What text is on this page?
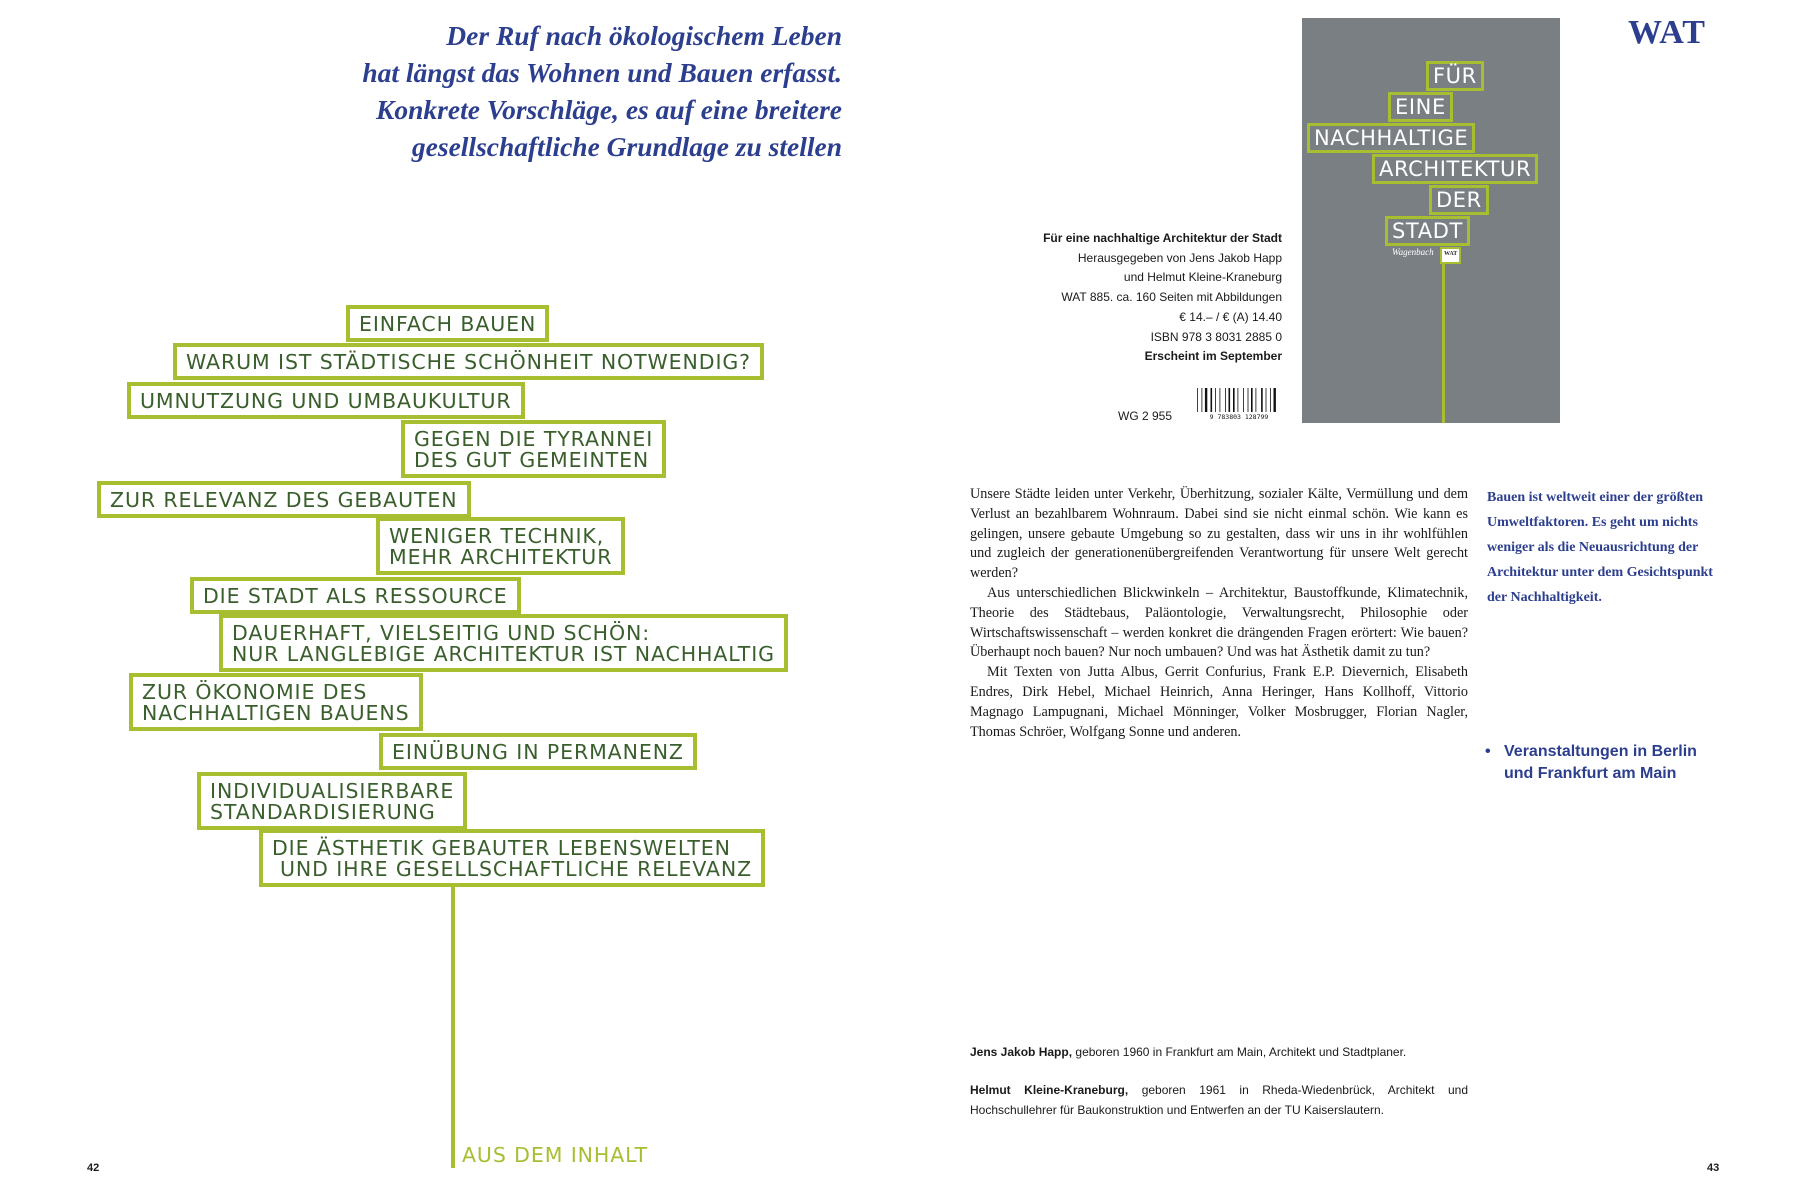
Der Ruf nach ökologischem Leben
hat längst das Wohnen und Bauen erfasst.
Konkrete Vorschläge, es auf eine breitere
gesellschaftliche Grundlage zu stellen
EINFACH BAUEN
WARUM IST STÄDTISCHE SCHÖNHEIT NOTWENDIG?
UMNUTZUNG UND UMBAUKULTUR
GEGEN DIE TYRANNEI
DES GUT GEMEINTEN
ZUR RELEVANZ DES GEBAUTEN
WENIGER TECHNIK,
MEHR ARCHITEKTUR
DIE STADT ALS RESSOURCE
DAUERHAFT, VIELSEITIG UND SCHÖN:
NUR LANGLEBIGE ARCHITEKTUR IST NACHHALTIG
ZUR ÖKONOMIE DES
NACHHALTIGEN BAUENS
EINÜBUNG IN PERMANENZ
INDIVIDUALISIERBARE
STANDARDISIERUNG
DIE ÄSTHETIK GEBAUTER LEBENSWELTEN
UND IHRE GESELLSCHAFTLICHE RELEVANZ
AUS DEM INHALT
42
FÜR
EINE
NACHHALTIGE
ARCHITEKTUR
DER
STADT
Wagenbach	WAT
WAT
Für eine nachhaltige Architektur der Stadt
Herausgegeben von Jens Jakob Happ
und Helmut Kleine-Kraneburg
WAT 885. ca. 160 Seiten mit Abbildungen
€ 14.– / € (A) 14.40
ISBN 978 3 8031 2885 0
Erscheint im September
WG 2 955	9 783803 128799

Unsere Städte leiden unter Verkehr, Überhitzung, sozialer Kälte, Vermüllung und dem Verlust an bezahlbarem Wohnraum. Dabei sind sie nicht einmal schön. Wie kann es gelingen, unsere gebaute Umgebung so zu gestalten, dass wir uns in ihr wohlfühlen und zugleich der generationenübergreifenden Verantwortung für unsere Welt gerecht werden?

Aus unterschiedlichen Blickwinkeln – Architektur, Baustoffkunde, Klimatechnik, Theorie des Städtebaus, Paläontologie, Verwaltungsrecht, Philosophie oder Wirtschaftswissenschaft – werden konkret die drängenden Fragen erörtert: Wie bauen? Überhaupt noch bauen? Nur noch umbauen? Und was hat Ästhetik damit zu tun?

Mit Texten von Jutta Albus, Gerrit Confurius, Frank E.P. Dievernich, Elisabeth Endres, Dirk Hebel, Michael Heinrich, Anna Heringer, Hans Kollhoff, Vittorio Magnago Lampugnani, Michael Mönninger, Volker Mosbrugger, Florian Nagler, Thomas Schröer, Wolfgang Sonne und anderen.

Bauen ist weltweit einer der größten Umweltfaktoren. Es geht um nichts weniger als die Neuausrichtung der Architektur unter dem Gesichtspunkt der Nachhaltigkeit.
• Veranstaltungen in Berlin
und Frankfurt am Main

Jens Jakob Happ, geboren 1960 in Frankfurt am Main, Architekt und Stadtplaner.

Helmut Kleine-Kraneburg, geboren 1961 in Rheda-Wiedenbrück, Architekt und Hochschullehrer für Baukonstruktion und Entwerfen an der TU Kaiserslautern.

43
